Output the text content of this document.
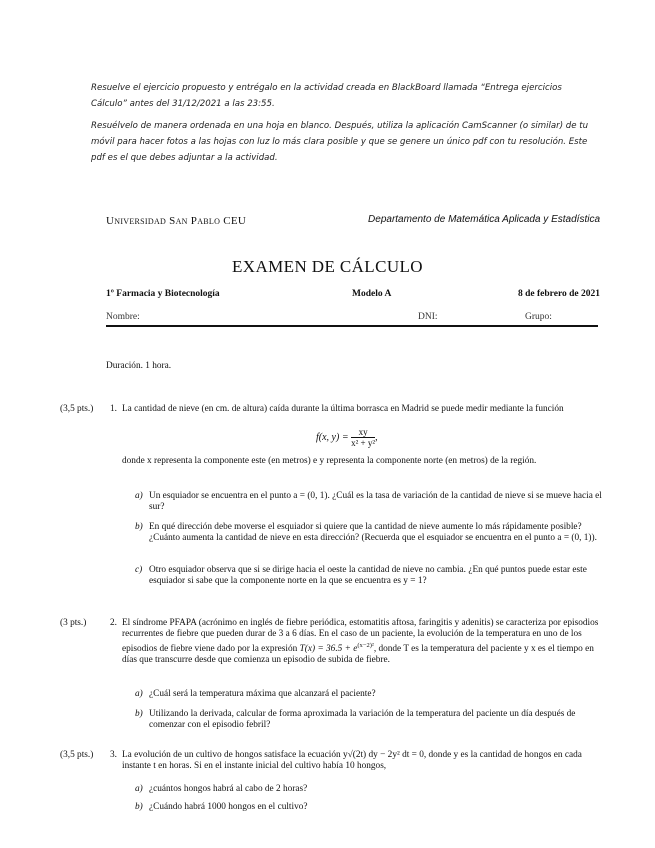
Resuelve el ejercicio propuesto y entrégalo en la actividad creada en BlackBoard llamada “Entrega ejercicios Cálculo” antes del 31/12/2021 a las 23:55.
Resuélvelo de manera ordenada en una hoja en blanco. Después, utiliza la aplicación CamScanner (o similar) de tu móvil para hacer fotos a las hojas con luz lo más clara posible y que se genere un único pdf con tu resolución. Este pdf es el que debes adjuntar a la actividad.
Universidad San Pablo CEU	Departamento de Matemática Aplicada y Estadística
EXAMEN DE CÁLCULO
1º Farmacia y Biotecnología	Modelo A	8 de febrero de 2021
Nombre:	DNI:	Grupo:
Duración. 1 hora.
(3,5 pts.) 1. La cantidad de nieve (en cm. de altura) caída durante la última borrasca en Madrid se puede medir mediante la función
f(x, $y) = \frac{xy}{\text{x² + y²}}$ ,
donde x representa la componente este (en metros) e y representa la componente norte (en metros) de la región.
a) Un esquiador se encuentra en el punto a = (0, 1). ¿Cuál es la tasa de variación de la cantidad de nieve si se mueve hacia el sur?
b) En qué dirección debe moverse el esquiador si quiere que la cantidad de nieve aumente lo más rápidamente posible? ¿Cuánto aumenta la cantidad de nieve en esta dirección? (Recuerda que el esquiador se encuentra en el punto a = (0, 1)).
c) Otro esquiador observa que si se dirige hacia el oeste la cantidad de nieve no cambia. ¿En qué puntos puede estar este esquiador si sabe que la componente norte en la que se encuentra es y = 1?
(3 pts.)	2. El síndrome PFAPA (acrónimo en inglés de fiebre periódica, estomatitis aftosa, faringitis y adenitis) se caracteriza por episodios recurrentes de fiebre que pueden durar de 3 a 6 días. En el caso de un paciente, la evolución de la temperatura en uno de los episodios de fiebre viene dado por la expresión $T(x) = 36.5 + e^{(x-2)^2}$, donde T es la temperatura del paciente y x es el tiempo en días que transcurre desde que comienza un episodio de subida de fiebre.
a) ¿Cuál será la temperatura máxima que alcanzará el paciente?
b) Utilizando la derivada, calcular de forma aproximada la variación de la temperatura del paciente un día después de comenzar con el episodio febril?
(3,5 pts.) 3. La evolución de un cultivo de hongos satisface la ecuación y√(2t) dy − 2y² dt = 0, donde y es la cantidad de hongos en cada instante t en horas. Si en el instante inicial del cultivo había 10 hongos,
a) ¿cuántos hongos habrá al cabo de 2 horas?
b) ¿Cuándo habrá 1000 hongos en el cultivo?
